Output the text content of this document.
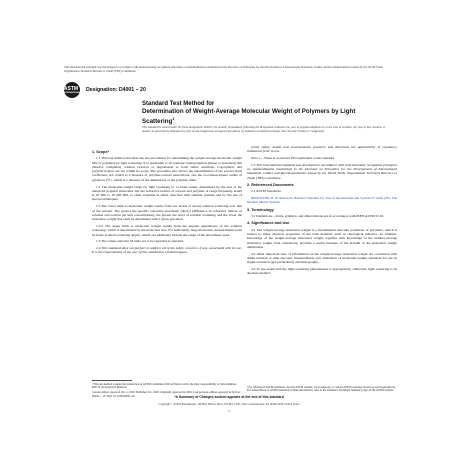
This international standard was developed in accordance with internationally recognized principles on standardization established in the Decision on Principles for the Development of International Standards, Guides and Recommendations issued by the World Trade Organization Technical Barriers to Trade (TBT) Committee.
ASTM
INTERNATIONAL Designation: D4001 − 20
Standard Test Method for
Determination of Weight-Average Molecular Weight of Polymers by Light Scattering$^1$
This standard is issued under the fixed designation D4001; the number immediately following the designation indicates the year of original adoption or, in the case of revision, the year of last revision. A number in parentheses indicates the year of last reapproval. A superscript epsilon (ε) indicates an editorial change since the last revision or reapproval.
1. Scope*

1.1 This test method describes the test procedures for determining the weight-average molecular weight Mw of polymers by light scattering. It is applicable to all nonionic homopolymers (linear or branched) that dissolve completely without reaction or degradation to form stable solutions. Copolymers and polyelectrolytes are not within its scope. The procedure also allows the determination of the second virial coefficient, A2, which is a measure of polymer-solvent interactions, and the root-mean-square radius of gyration (s²)½, which is a measure of the dimensions of the polymer chain.

1.2 The molecular-weight range for light scattering is, to some extent, determined by the size of the dissolved polymer molecules and the refractive indices of solvent and polymer. A range frequently stated is 10 000 to 10 000 000, is often extended in either direction with suitable systems and by the use of special techniques.

1.3 The lower limit to molecular weight results from low levels of excess solution scattering over that of the solvent. The greater the specific refractive increment (dn/dc) (difference in refractive indices of solution and solvent per unit concentration), the greater the level of solution scattering and the lower the molecular weight that shall be determined with a given precision.

1.3.2 The upper limit to molecular weight results from the angular dependence of the solution scattering, which is determined by the molecular size. For sufficiently large molecules, measurements need be made at small scattering angles, which can ultimately include the range of the photometer used.

1.3 The values stated in SI units are to be regarded as standard.

1.4 This standard does not purport to address all of the safety concerns, if any, associated with its use. It is the responsibility of the user of this standard to establish appro-

priate safety, health and environmental practices and determine the applicability of regulatory limitations prior to use.

Note 1—There is no known ISO equivalent to this standard.

1.5 This international standard was developed in accordance with internationally recognized principles on standardization established in the Decision on Principles for the Development of International Standards, Guides and Recommendations issued by the World Trade Organization Technical Barriers to Trade (TBT) Committee.

2. Referenced Documents

2.1 ASTM Standards:

IEEE/ASTM SI 10 American National Standard for Use of the International System of Units (SI): The Modern Metric System

3. Terminology

3.1 Definitions—Units, symbols, and abbreviations are in accordance with IEEE/ASTM SI 10.

4. Significance and Use

4.1 The weight-average molecular weight is a fundamental structure parameter of polymers, which is related to many physical properties of the bulk material, such as rheological behavior. In addition, knowledge of the weight-average molecular weight, together with knowledge of the number-average molecular weight from osmometry, provides a useful measure of the breadth of the molecular weight distribution.

4.2 Other important uses of information on the weight-average molecular weight are correlation with dilute-solution or melt-viscosity measurements and calibration of molecular-weight standards for use in liquid-exclusion (gel-permeation) chromatography.

4.3 To the extent that the light-scattering phenomenon is appropriately calibrated, light scattering is an absolute method

¹ This test method is under the jurisdiction of ASTM Committee D20 on Plastics and is the direct responsibility of Subcommittee D20.70 on Analytical Methods.

Current edition approved Oct. 1, 2020. Published Oct. 2020. Originally approved in 1981. Last previous edition approved in 2013 as D4001 – 13. DOI: 10.1520/D4001-20.

² For referenced ASTM standards, visit the ASTM website, www.astm.org, or contact ASTM Customer Service at service@astm.org. For Annual Book of ASTM Standards volume information, refer to the standard's Document Summary page on the ASTM website.

*A Summary of Changes section appears at the end of this standard
Copyright © ASTM International, 100 Barr Harbor Drive, PO Box C700, West Conshohocken, PA 19428-2959. United States
1
